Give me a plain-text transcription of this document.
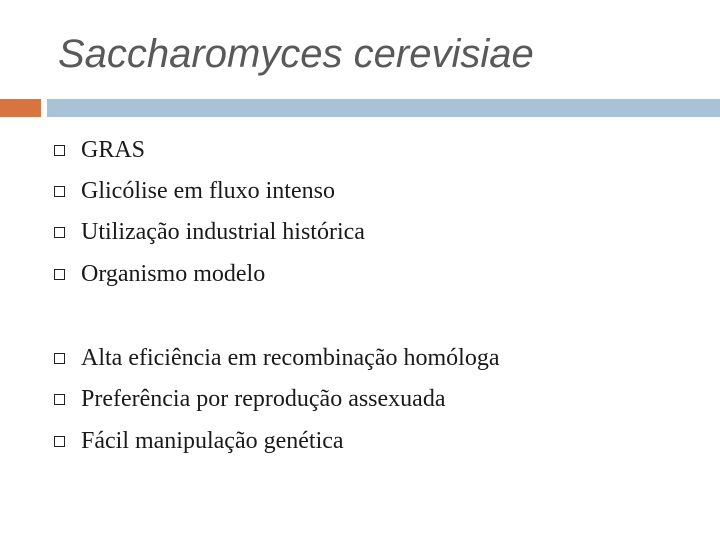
Saccharomyces cerevisiae
GRAS
Glicólise em fluxo intenso
Utilização industrial histórica
Organismo modelo
Alta eficiência em recombinação homóloga
Preferência por reprodução assexuada
Fácil manipulação genética
